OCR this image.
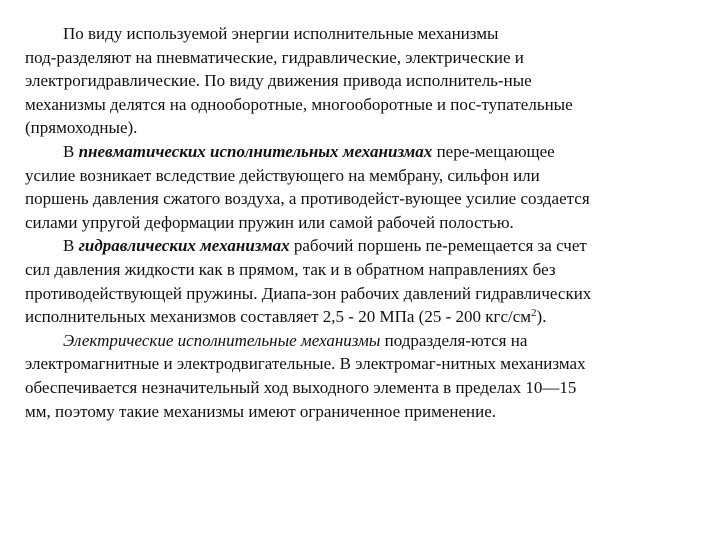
По виду используемой энергии исполнительные механизмы
под-разделяют на пневматические, гидравлические, электрические и
электрогидравлические. По виду движения привода исполнитель-ные
механизмы делятся на однооборотные, многооборотные и пос-тупательные
(прямоходные).
В пневматических исполнительных механизмах пере-мещающее
усилие возникает вследствие действующего на мембрану, сильфон или
поршень давления сжатого воздуха, а противодейст-вующее усилие создается
силами упругой деформации пружин или самой рабочей полостью.
В гидравлических механизмах рабочий поршень пе-ремещается за счет
сил давления жидкости как в прямом, так и в обратном направлениях без
противодействующей пружины. Диапа-зон рабочих давлений гидравлических
исполнительных механизмов составляет 2,5 - 20 МПа (25 - 200 кгс/$см^2$).
Электрические исполнительные механизмы подразделя-ются на
электромагнитные и электродвигательные. В электромаг-нитных механизмах
обеспечивается незначительный ход выходного элемента в пределах 10—15
мм, поэтому такие механизмы имеют ограниченное применение.
